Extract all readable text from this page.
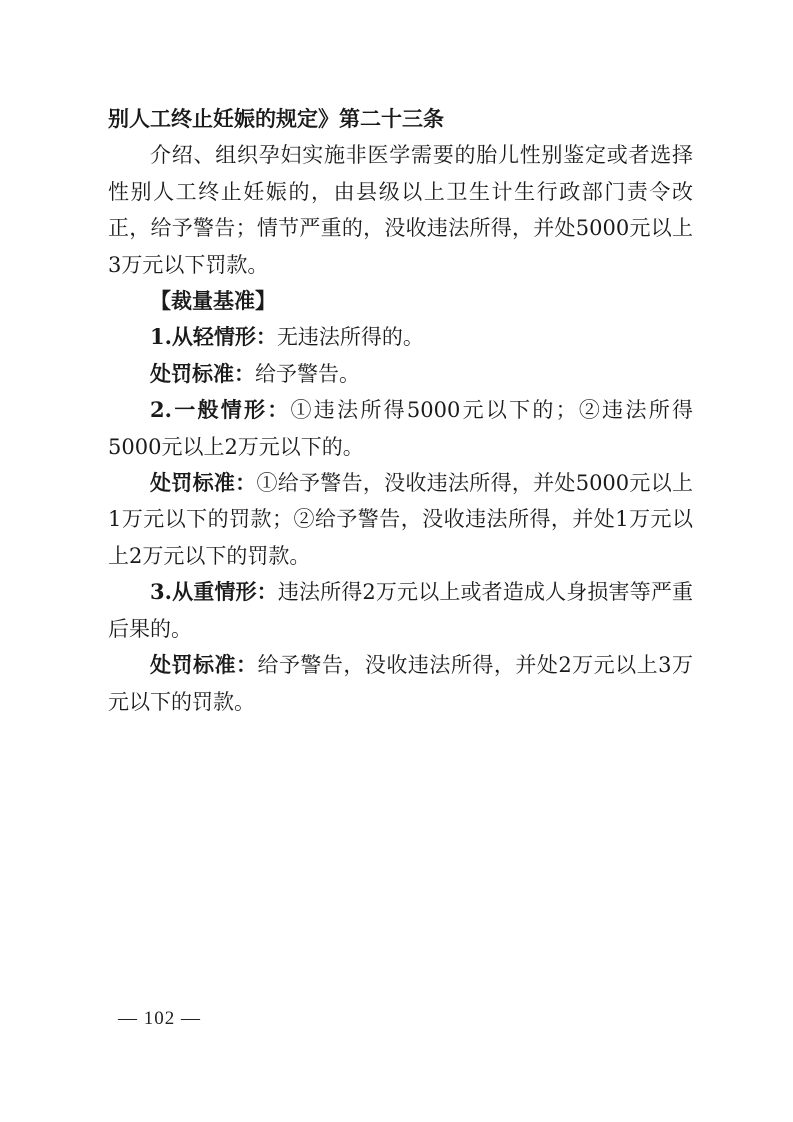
别人工终止妊娠的规定》第二十三条

介绍、组织孕妇实施非医学需要的胎儿性别鉴定或者选择性别人工终止妊娠的，由县级以上卫生计生行政部门责令改正，给予警告；情节严重的，没收违法所得，并处5000元以上3万元以下罚款。

【裁量基准】

1.从轻情形：无违法所得的。

处罚标准：给予警告。

2.一般情形：①违法所得5000元以下的；②违法所得5000元以上2万元以下的。

处罚标准：①给予警告，没收违法所得，并处5000元以上1万元以下的罚款；②给予警告，没收违法所得，并处1万元以上2万元以下的罚款。

3.从重情形：违法所得2万元以上或者造成人身损害等严重后果的。

处罚标准：给予警告，没收违法所得，并处2万元以上3万元以下的罚款。

— 102 —
